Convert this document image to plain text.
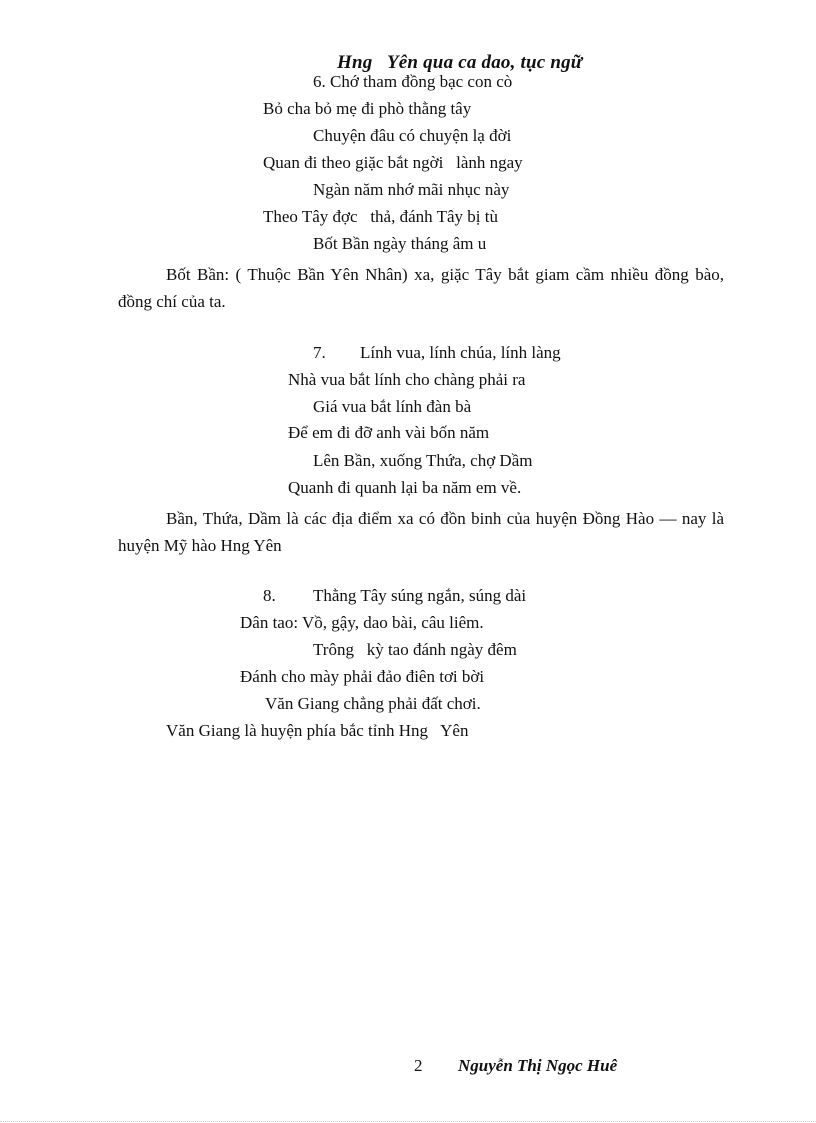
Hng   Yên qua ca dao, tục ngữ
6. Chớ tham đồng bạc con cò
Bỏ cha bỏ mẹ đi phò thằng tây
Chuyện đâu có chuyện lạ đời
Quan đi theo giặc bắt ngời   lành ngay
Ngàn năm nhớ mãi nhục này
Theo Tây đợc   thả, đánh Tây bị tù
Bốt Bần ngày tháng âm u
Bốt Bần: ( Thuộc Bần Yên Nhân) xa, giặc Tây bắt giam cầm nhiều đồng bào, đồng chí của ta.
7. Lính vua, lính chúa, lính làng
Nhà vua bắt lính cho chàng phải ra
Giá vua bắt lính đàn bà
Để em đi đỡ anh vài bốn năm
Lên Bần, xuống Thứa, chợ Dầm
Quanh đi quanh lại ba năm em về.
Bần, Thứa, Dầm là các địa điểm xa có đồn binh của huyện Đồng Hào — nay là huyện Mỹ hào Hng Yên
8. Thằng Tây súng ngắn, súng dài
Dân tao: Vồ, gậy, dao bài, câu liêm.
Trông   kỳ tao đánh ngày đêm
Đánh cho mày phải đảo điên tơi bời
Văn Giang chẳng phải đất chơi.
Văn Giang là huyện phía bắc tỉnh Hng   Yên
2 Nguyễn Thị Ngọc Huê
